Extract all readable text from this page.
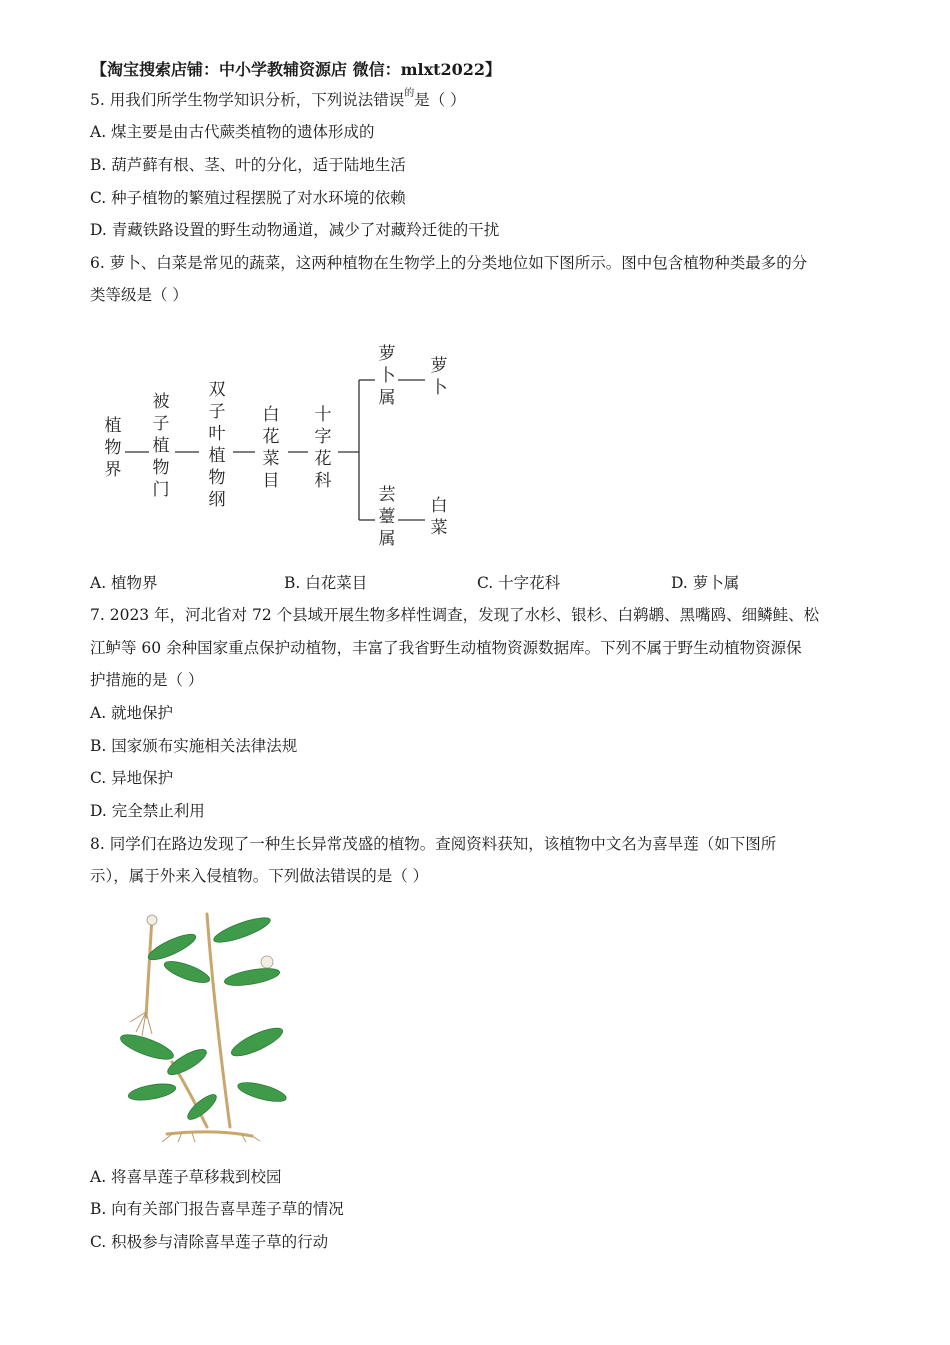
【淘宝搜索店铺：中小学教辅资源店 微信：mlxt2022】
5. 用我们所学生物学知识分析，下列说法错误$^的$是（ ）
A. 煤主要是由古代蕨类植物的遗体形成的
B. 葫芦藓有根、茎、叶的分化，适于陆地生活
C. 种子植物的繁殖过程摆脱了对水环境的依赖
D. 青藏铁路设置的野生动物通道，减少了对藏羚迁徙的干扰
6. 萝卜、白菜是常见的蔬菜，这两种植物在生物学上的分类地位如下图所示。图中包含植物种类最多的分
类等级是（ ）
植物界
被子植物门
双子叶植物纲
白花菜目
十字花科
萝卜属
萝卜
芸薹属
白菜
A. 植物界	B. 白花菜目	C. 十字花科	D. 萝卜属
7. 2023 年，河北省对 72 个县域开展生物多样性调查，发现了水杉、银杉、白鹈鹕、黑嘴鸥、细鳞鲑、松
江鲈等 60 余种国家重点保护动植物，丰富了我省野生动植物资源数据库。下列不属于野生动植物资源保
护措施的是（ ）
A. 就地保护
B. 国家颁布实施相关法律法规
C. 异地保护
D. 完全禁止利用
8. 同学们在路边发现了一种生长异常茂盛的植物。查阅资料获知，该植物中文名为喜旱莲（如下图所
示），属于外来入侵植物。下列做法错误的是（ ）
A. 将喜旱莲子草移栽到校园
B. 向有关部门报告喜旱莲子草的情况
C. 积极参与清除喜旱莲子草的行动
